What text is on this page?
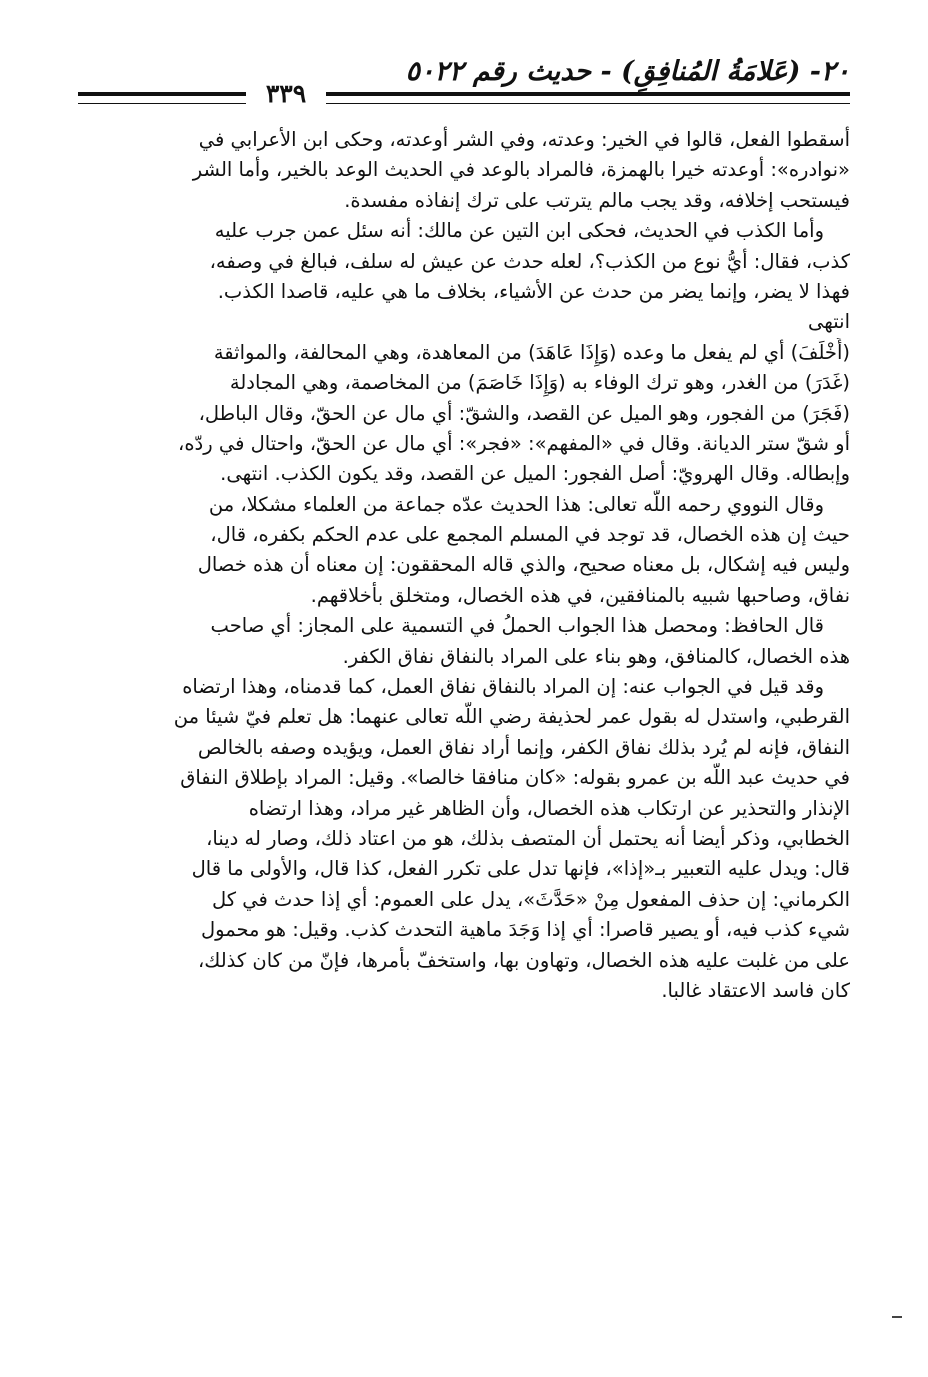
٢٠- (عَلامَةُ المُنافِقِ) - حديث رقم ٥٠٢٢
٣٣٩
أسقطوا الفعل، قالوا في الخير: وعدته، وفي الشر أوعدته، وحكى ابن الأعرابي في
«نوادره»: أوعدته خيرا بالهمزة، فالمراد بالوعد في الحديث الوعد بالخير، وأما الشر
فيستحب إخلافه، وقد يجب مالم يترتب على ترك إنفاذه مفسدة.
وأما الكذب في الحديث، فحكى ابن التين عن مالك: أنه سئل عمن جرب عليه
كذب، فقال: أيُّ نوع من الكذب؟، لعله حدث عن عيش له سلف، فبالغ في وصفه،
فهذا لا يضر، وإنما يضر من حدث عن الأشياء، بخلاف ما هي عليه، قاصدا الكذب.
انتهى
(أَخْلَفَ) أي لم يفعل ما وعده (وَإِذَا عَاهَدَ) من المعاهدة، وهي المحالفة، والمواثقة
(غَدَرَ) من الغدر، وهو ترك الوفاء به (وَإِذَا خَاصَمَ) من المخاصمة، وهي المجادلة
(فَجَرَ) من الفجور، وهو الميل عن القصد، والشقّ: أي مال عن الحقّ، وقال الباطل،
أو شقّ ستر الديانة. وقال في «المفهم»: «فجر»: أي مال عن الحقّ، واحتال في ردّه،
وإبطاله. وقال الهرويّ: أصل الفجور: الميل عن القصد، وقد يكون الكذب. انتهى.
وقال النووي رحمه اللّه تعالى: هذا الحديث عدّه جماعة من العلماء مشكلا، من
حيث إن هذه الخصال، قد توجد في المسلم المجمع على عدم الحكم بكفره، قال،
وليس فيه إشكال، بل معناه صحيح، والذي قاله المحققون: إن معناه أن هذه خصال
نفاق، وصاحبها شبيه بالمنافقين، في هذه الخصال، ومتخلق بأخلاقهم.
قال الحافظ: ومحصل هذا الجواب الحملُ في التسمية على المجاز: أي صاحب
هذه الخصال، كالمنافق، وهو بناء على المراد بالنفاق نفاق الكفر.
وقد قيل في الجواب عنه: إن المراد بالنفاق نفاق العمل، كما قدمناه، وهذا ارتضاه
القرطبي، واستدل له بقول عمر لحذيفة رضي اللّه تعالى عنهما: هل تعلم فيّ شيئا من
النفاق، فإنه لم يُرد بذلك نفاق الكفر، وإنما أراد نفاق العمل، ويؤيده وصفه بالخالص
في حديث عبد اللّه بن عمرو بقوله: «كان منافقا خالصا». وقيل: المراد بإطلاق النفاق
الإنذار والتحذير عن ارتكاب هذه الخصال، وأن الظاهر غير مراد، وهذا ارتضاه
الخطابي، وذكر أيضا أنه يحتمل أن المتصف بذلك، هو من اعتاد ذلك، وصار له دينا،
قال: ويدل عليه التعبير بـ«إذا»، فإنها تدل على تكرر الفعل، كذا قال، والأولى ما قال
الكرماني: إن حذف المفعول مِنْ «حَدَّثَ»، يدل على العموم: أي إذا حدث في كل
شيء كذب فيه، أو يصير قاصرا: أي إذا وَجَدَ ماهية التحدث كذب. وقيل: هو محمول
على من غلبت عليه هذه الخصال، وتهاون بها، واستخفّ بأمرها، فإنّ من كان كذلك،
كان فاسد الاعتقاد غالبا.
